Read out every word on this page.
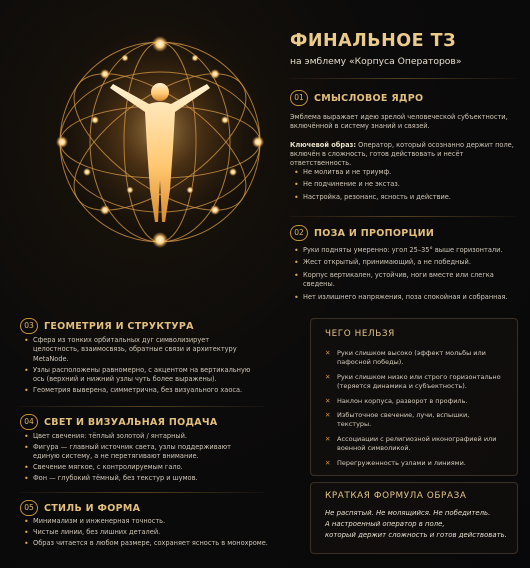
ФИНАЛЬНОЕ ТЗ
на эмблему «Корпуса Операторов»
01	СМЫСЛОВОЕ ЯДРО
Эмблема выражает идею зрелой человеческой субъектности, включённой в систему знаний и связей.
Ключевой образ: Оператор, который осознанно держит поле, включён в сложность, готов действовать и несёт ответственность.
• Не молитва и не триумф.
• Не подчинение и не экстаз.
• Настройка, резонанс, ясность и действие.
02	ПОЗА И ПРОПОРЦИИ
• Руки подняты умеренно: угол 25–35° выше горизонтали.
• Жест открытый, принимающий, а не победный.
• Корпус вертикален, устойчив, ноги вместе или слегка сведены.
• Нет излишнего напряжения, поза спокойная и собранная.
03	ГЕОМЕТРИЯ И СТРУКТУРА
• Сфера из тонких орбитальных дуг символизирует целостность, взаимосвязь, обратные связи и архитектуру MetaNode.
• Узлы расположены равномерно, с акцентом на вертикальную ось (верхний и нижний узлы чуть более выражены).
• Геометрия выверена, симметрична, без визуального хаоса.
04	СВЕТ И ВИЗУАЛЬНАЯ ПОДАЧА
• Цвет свечения: тёплый золотой / янтарный.
• Фигура — главный источник света, узлы поддерживают единую систему, а не перетягивают внимание.
• Свечение мягкое, с контролируемым гало.
• Фон — глубокий тёмный, без текстур и шумов.
05	СТИЛЬ И ФОРМА
• Минимализм и инженерная точность.
• Чистые линии, без лишних деталей.
• Образ читается в любом размере, сохраняет ясность в монохроме.
ЧЕГО НЕЛЬЗЯ
✕ Руки слишком высоко (эффект мольбы или пафосной победы).
✕ Руки слишком низко или строго горизонтально (теряется динамика и субъектность).
✕ Наклон корпуса, разворот в профиль.
✕ Избыточное свечение, лучи, вспышки, текстуры.
✕ Ассоциации с религиозной иконографией или военной символикой.
✕ Перегруженность узлами и линиями.
КРАТКАЯ ФОРМУЛА ОБРАЗА
Не распятый. Не молящийся. Не победитель.
А настроенный оператор в поле,
который держит сложность и готов действовать.
